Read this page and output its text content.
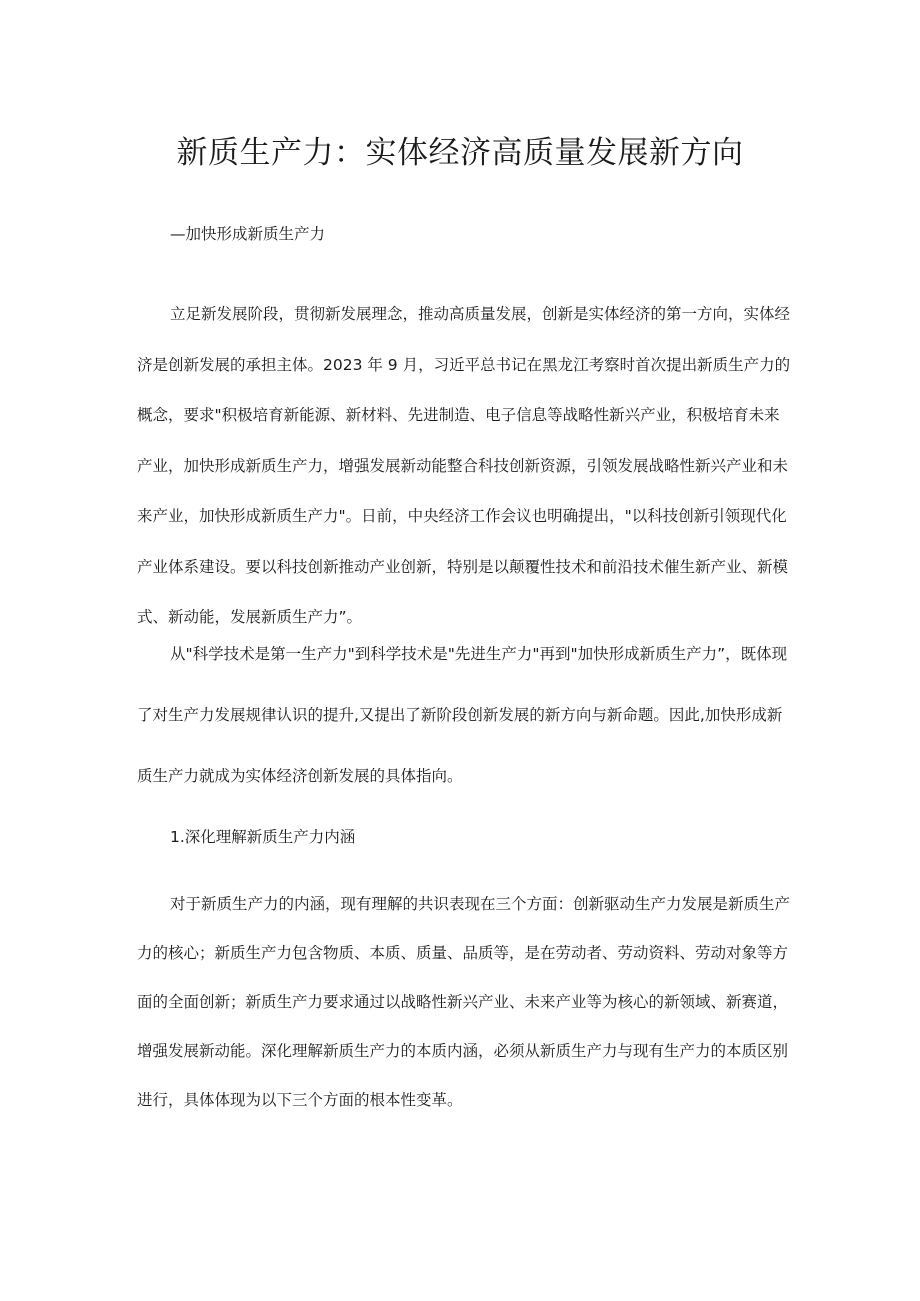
新质生产力：实体经济高质量发展新方向

—加快形成新质生产力

立足新发展阶段，贯彻新发展理念，推动高质量发展，创新是实体经济的第一方向，实体经
济是创新发展的承担主体。2023 年 9 月，习近平总书记在黑龙江考察时首次提出新质生产力的
概念，要求"积极培育新能源、新材料、先进制造、电子信息等战略性新兴产业，积极培育未来
产业，加快形成新质生产力，增强发展新动能整合科技创新资源，引领发展战略性新兴产业和未
来产业，加快形成新质生产力"。日前，中央经济工作会议也明确提出，"以科技创新引领现代化
产业体系建设。要以科技创新推动产业创新，特别是以颠覆性技术和前沿技术催生新产业、新模
式、新动能，发展新质生产力”。
从"科学技术是第一生产力"到科学技术是"先进生产力"再到"加快形成新质生产力”，既体现
了对生产力发展规律认识的提升,又提出了新阶段创新发展的新方向与新命题。因此,加快形成新
质生产力就成为实体经济创新发展的具体指向。

1.深化理解新质生产力内涵

对于新质生产力的内涵，现有理解的共识表现在三个方面：创新驱动生产力发展是新质生产
力的核心；新质生产力包含物质、本质、质量、品质等，是在劳动者、劳动资料、劳动对象等方
面的全面创新；新质生产力要求通过以战略性新兴产业、未来产业等为核心的新领域、新赛道，
增强发展新动能。深化理解新质生产力的本质内涵，必须从新质生产力与现有生产力的本质区别
进行，具体体现为以下三个方面的根本性变革。
